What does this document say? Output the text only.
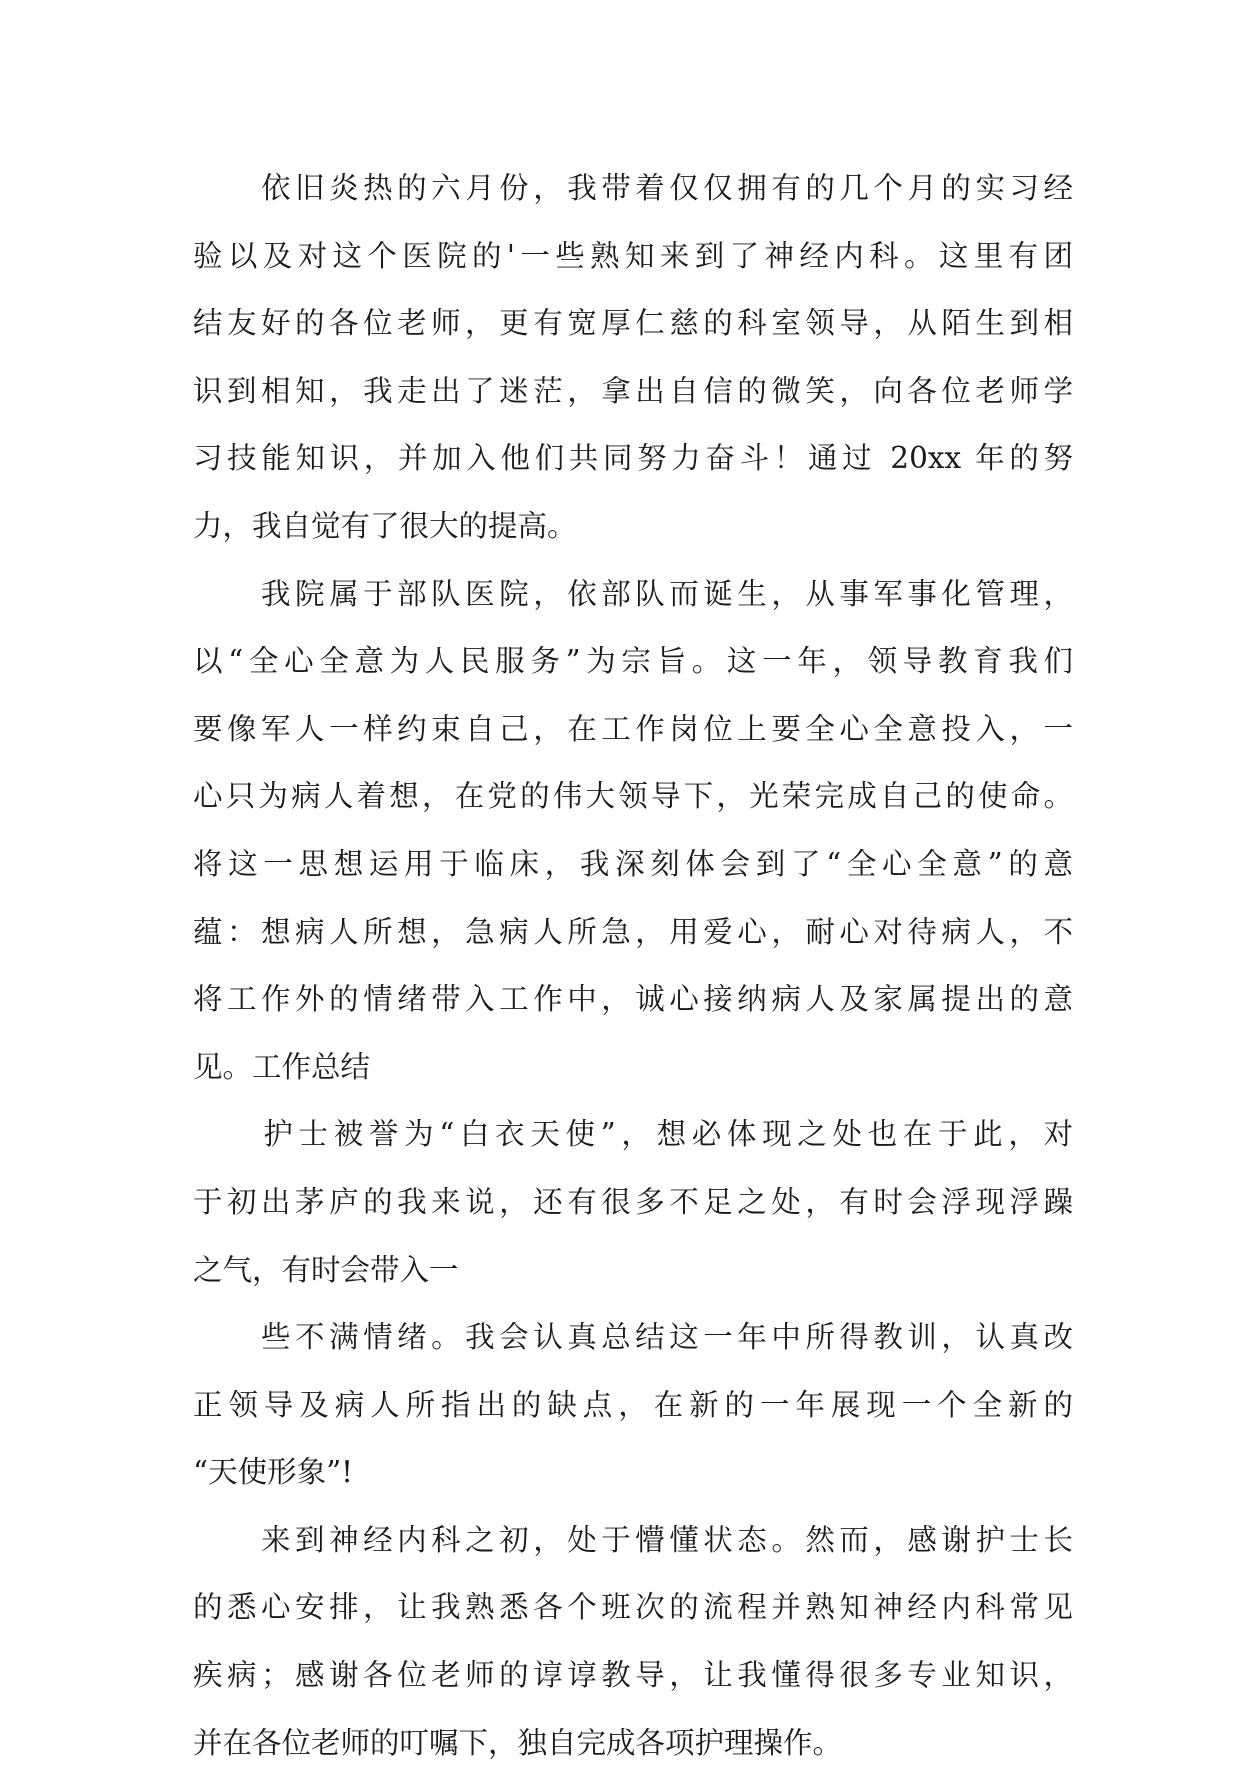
　　依旧炎热的六月份，我带着仅仅拥有的几个月的实习经
验以及对这个医院的'一些熟知来到了神经内科。这里有团
结友好的各位老师，更有宽厚仁慈的科室领导，从陌生到相
识到相知，我走出了迷茫，拿出自信的微笑，向各位老师学
习技能知识，并加入他们共同努力奋斗！通过 20xx 年的努
力，我自觉有了很大的提高。
　　我院属于部队医院，依部队而诞生，从事军事化管理，
以“全心全意为人民服务”为宗旨。这一年，领导教育我们
要像军人一样约束自己，在工作岗位上要全心全意投入，一
心只为病人着想，在党的伟大领导下，光荣完成自己的使命。
将这一思想运用于临床，我深刻体会到了“全心全意”的意
蕴：想病人所想，急病人所急，用爱心，耐心对待病人，不
将工作外的情绪带入工作中，诚心接纳病人及家属提出的意
见。工作总结
　　护士被誉为“白衣天使”，想必体现之处也在于此，对
于初出茅庐的我来说，还有很多不足之处，有时会浮现浮躁
之气，有时会带入一
　　些不满情绪。我会认真总结这一年中所得教训，认真改
正领导及病人所指出的缺点，在新的一年展现一个全新的
“天使形象”!
　　来到神经内科之初，处于懵懂状态。然而，感谢护士长
的悉心安排，让我熟悉各个班次的流程并熟知神经内科常见
疾病；感谢各位老师的谆谆教导，让我懂得很多专业知识，
并在各位老师的叮嘱下，独自完成各项护理操作。
